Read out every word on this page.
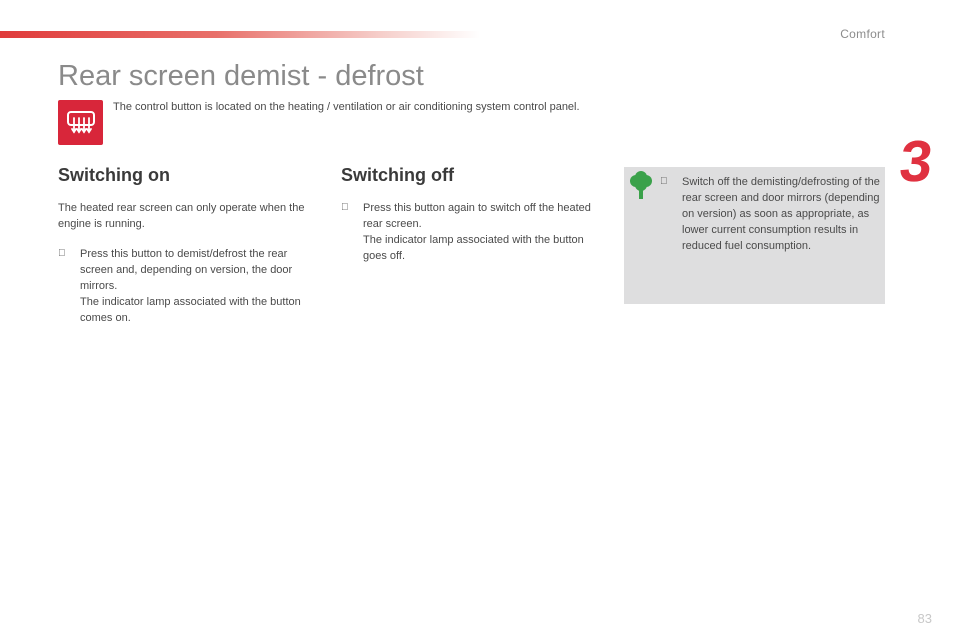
Comfort
3
Rear screen demist - defrost

The control button is located on the heating / ventilation or air conditioning system control panel.

Switching on

The heated rear screen can only operate when the engine is running.

Press this button to demist/defrost the rear screen and, depending on version, the door mirrors.

The indicator lamp associated with the button comes on.

Switching off

Press this button again to switch off the heated rear screen.

The indicator lamp associated with the button goes off.

Switch off the demisting/defrosting of the rear screen and door mirrors (depending on version) as soon as appropriate, as lower current consumption results in reduced fuel consumption.

83
